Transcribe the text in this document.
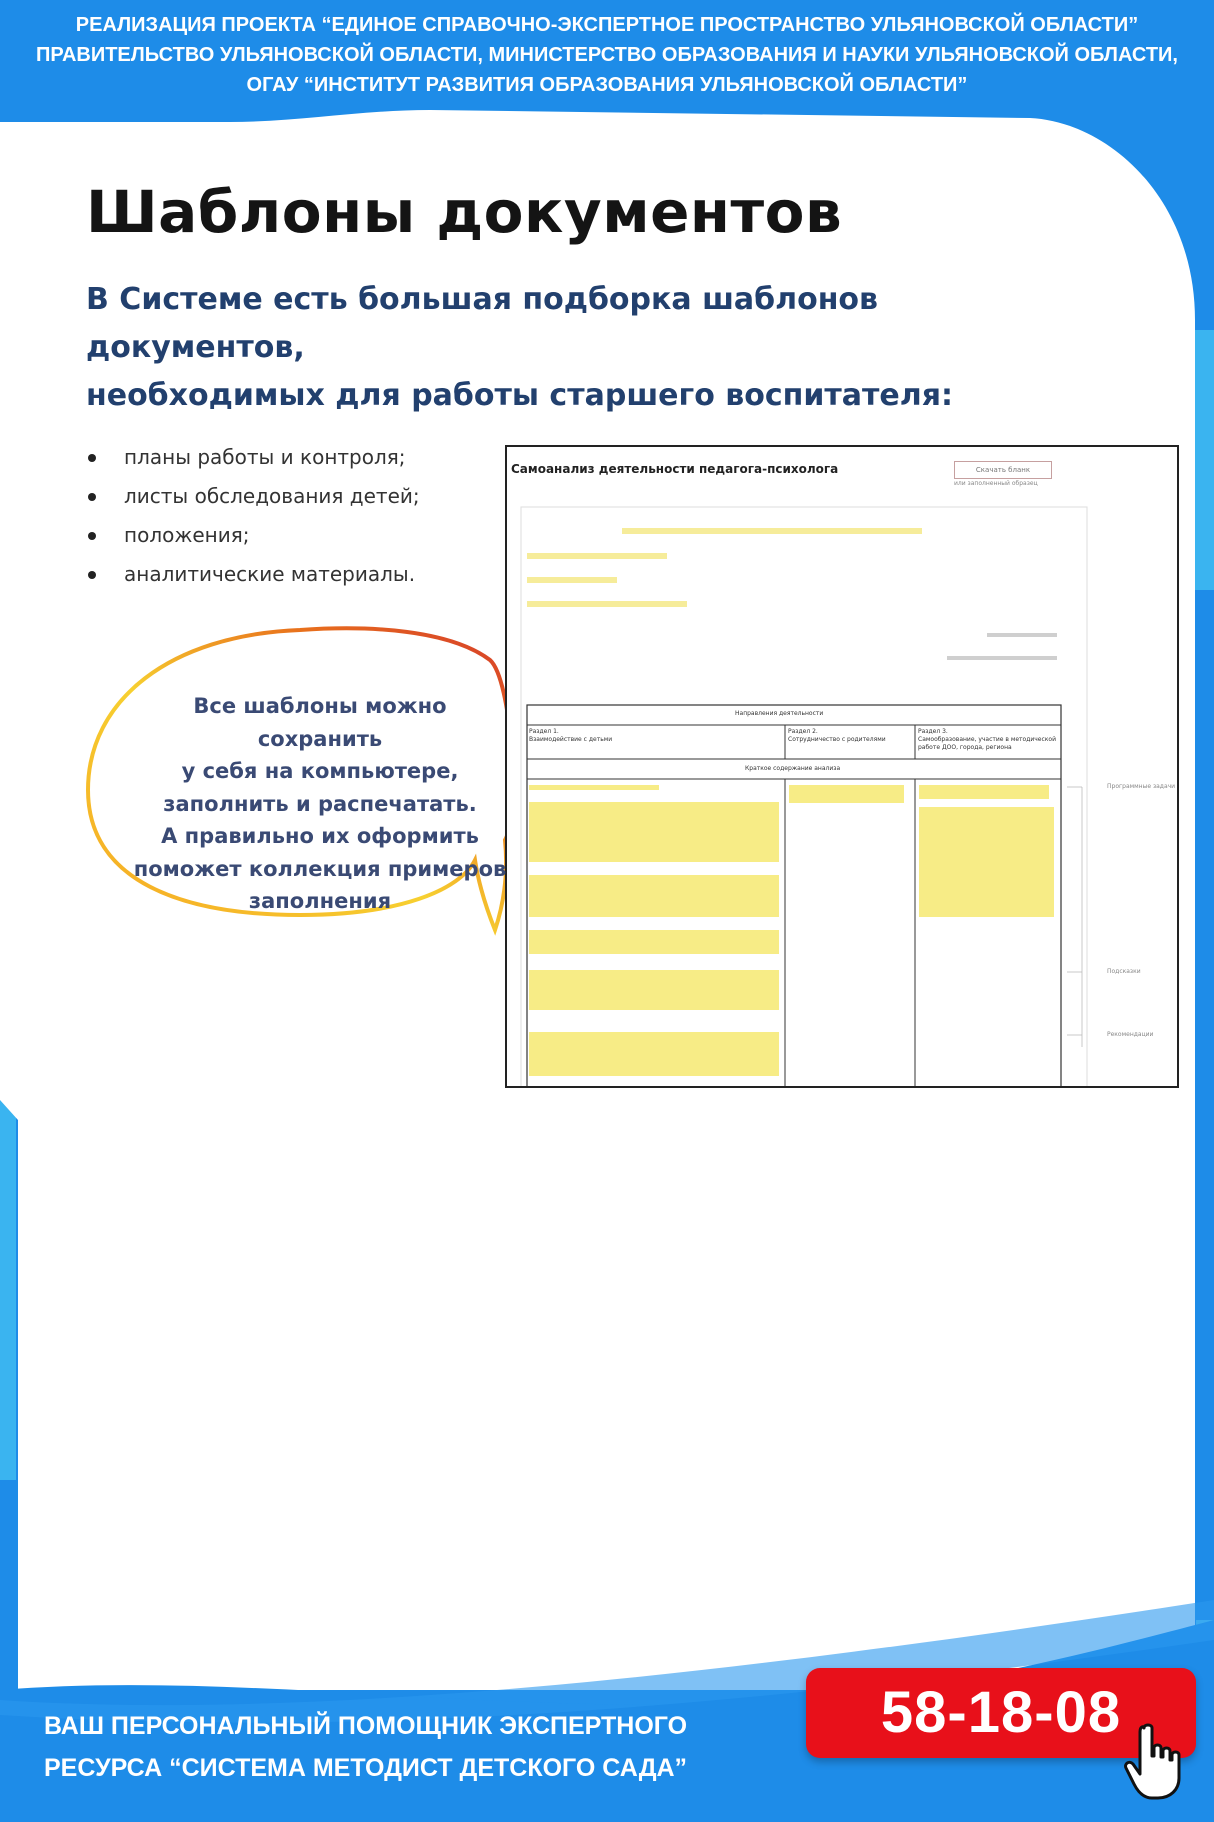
РЕАЛИЗАЦИЯ ПРОЕКТА “ЕДИНОЕ СПРАВОЧНО-ЭКСПЕРТНОЕ ПРОСТРАНСТВО УЛЬЯНОВСКОЙ ОБЛАСТИ”
ПРАВИТЕЛЬСТВО УЛЬЯНОВСКОЙ ОБЛАСТИ, МИНИСТЕРСТВО ОБРАЗОВАНИЯ И НАУКИ УЛЬЯНОВСКОЙ ОБЛАСТИ,
ОГАУ “ИНСТИТУТ РАЗВИТИЯ ОБРАЗОВАНИЯ УЛЬЯНОВСКОЙ ОБЛАСТИ”
Шаблоны документов
В Системе есть большая подборка шаблонов документов,
необходимых для работы старшего воспитателя:
планы работы и контроля;
листы обследования детей;
положения;
аналитические материалы.
Самоанализ деятельности педагога-психолога	Скачать бланк
или заполненный образец
Направления деятельности
Раздел 1.
Взаимодействие с детьми
Раздел 2.
Сотрудничество с родителями
Раздел 3.
Самообразование, участие в методической работе ДОО, города, региона
Краткое содержание анализа
Программные задачи
Подсказки
Рекомендации
Все шаблоны можно сохранить
у себя на компьютере,
заполнить и распечатать.
А правильно их оформить
поможет коллекция примеров
заполнения
ВАШ ПЕРСОНАЛЬНЫЙ ПОМОЩНИК ЭКСПЕРТНОГО
РЕСУРСА “СИСТЕМА МЕТОДИСТ ДЕТСКОГО САДА”
58-18-08
